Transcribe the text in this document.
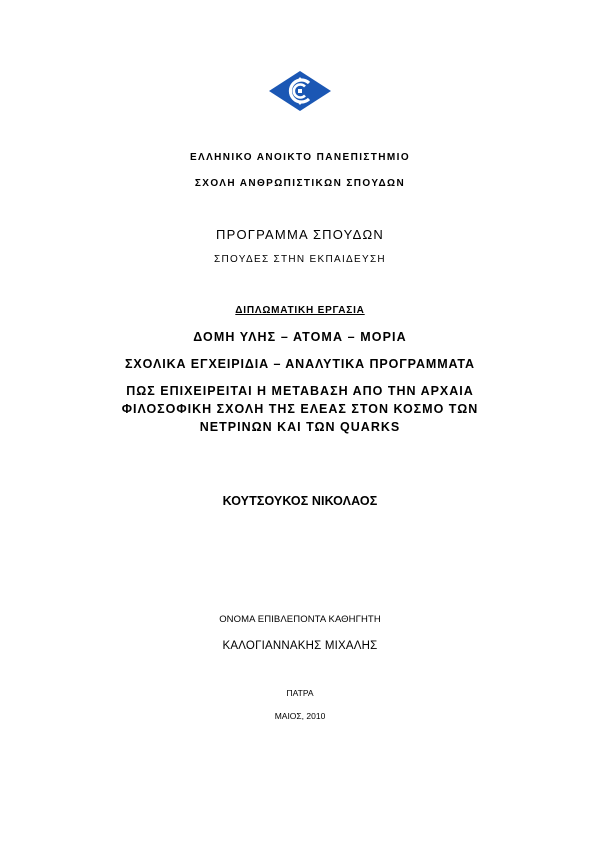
ΕΛΛΗΝΙΚΟ ΑΝΟΙΚΤΟ ΠΑΝΕΠΙΣΤΗΜΙΟ
ΣΧΟΛΗ ΑΝΘΡΩΠΙΣΤΙΚΩΝ ΣΠΟΥΔΩΝ
ΠΡΟΓΡΑΜΜΑ ΣΠΟΥΔΩΝ
ΣΠΟΥΔΕΣ ΣΤΗΝ ΕΚΠΑΙΔΕΥΣΗ
ΔΙΠΛΩΜΑΤΙΚΗ ΕΡΓΑΣΙΑ
ΔΟΜΗ ΥΛΗΣ – ΑΤΟΜΑ – ΜΟΡΙΑ
ΣΧΟΛΙΚΑ ΕΓΧΕΙΡΙΔΙΑ – ΑΝΑΛΥΤΙΚΑ ΠΡΟΓΡΑΜΜΑΤΑ
ΠΩΣ ΕΠΙΧΕΙΡΕΙΤΑΙ Η ΜΕΤΑΒΑΣΗ ΑΠΟ ΤΗΝ ΑΡΧΑΙΑ
ΦΙΛΟΣΟΦΙΚΗ ΣΧΟΛΗ ΤΗΣ ΕΛΕΑΣ ΣΤΟΝ ΚΟΣΜΟ ΤΩΝ
ΝΕΤΡΙΝΩΝ ΚΑΙ ΤΩΝ QUARKS
ΚΟΥΤΣΟΥΚΟΣ ΝΙΚΟΛΑΟΣ
ΟΝΟΜΑ ΕΠΙΒΛΕΠΟΝΤΑ ΚΑΘΗΓΗΤΗ
ΚΑΛΟΓΙΑΝΝΑΚΗΣ ΜΙΧΑΛΗΣ
ΠΑΤΡΑ
ΜΑΙΟΣ, 2010
